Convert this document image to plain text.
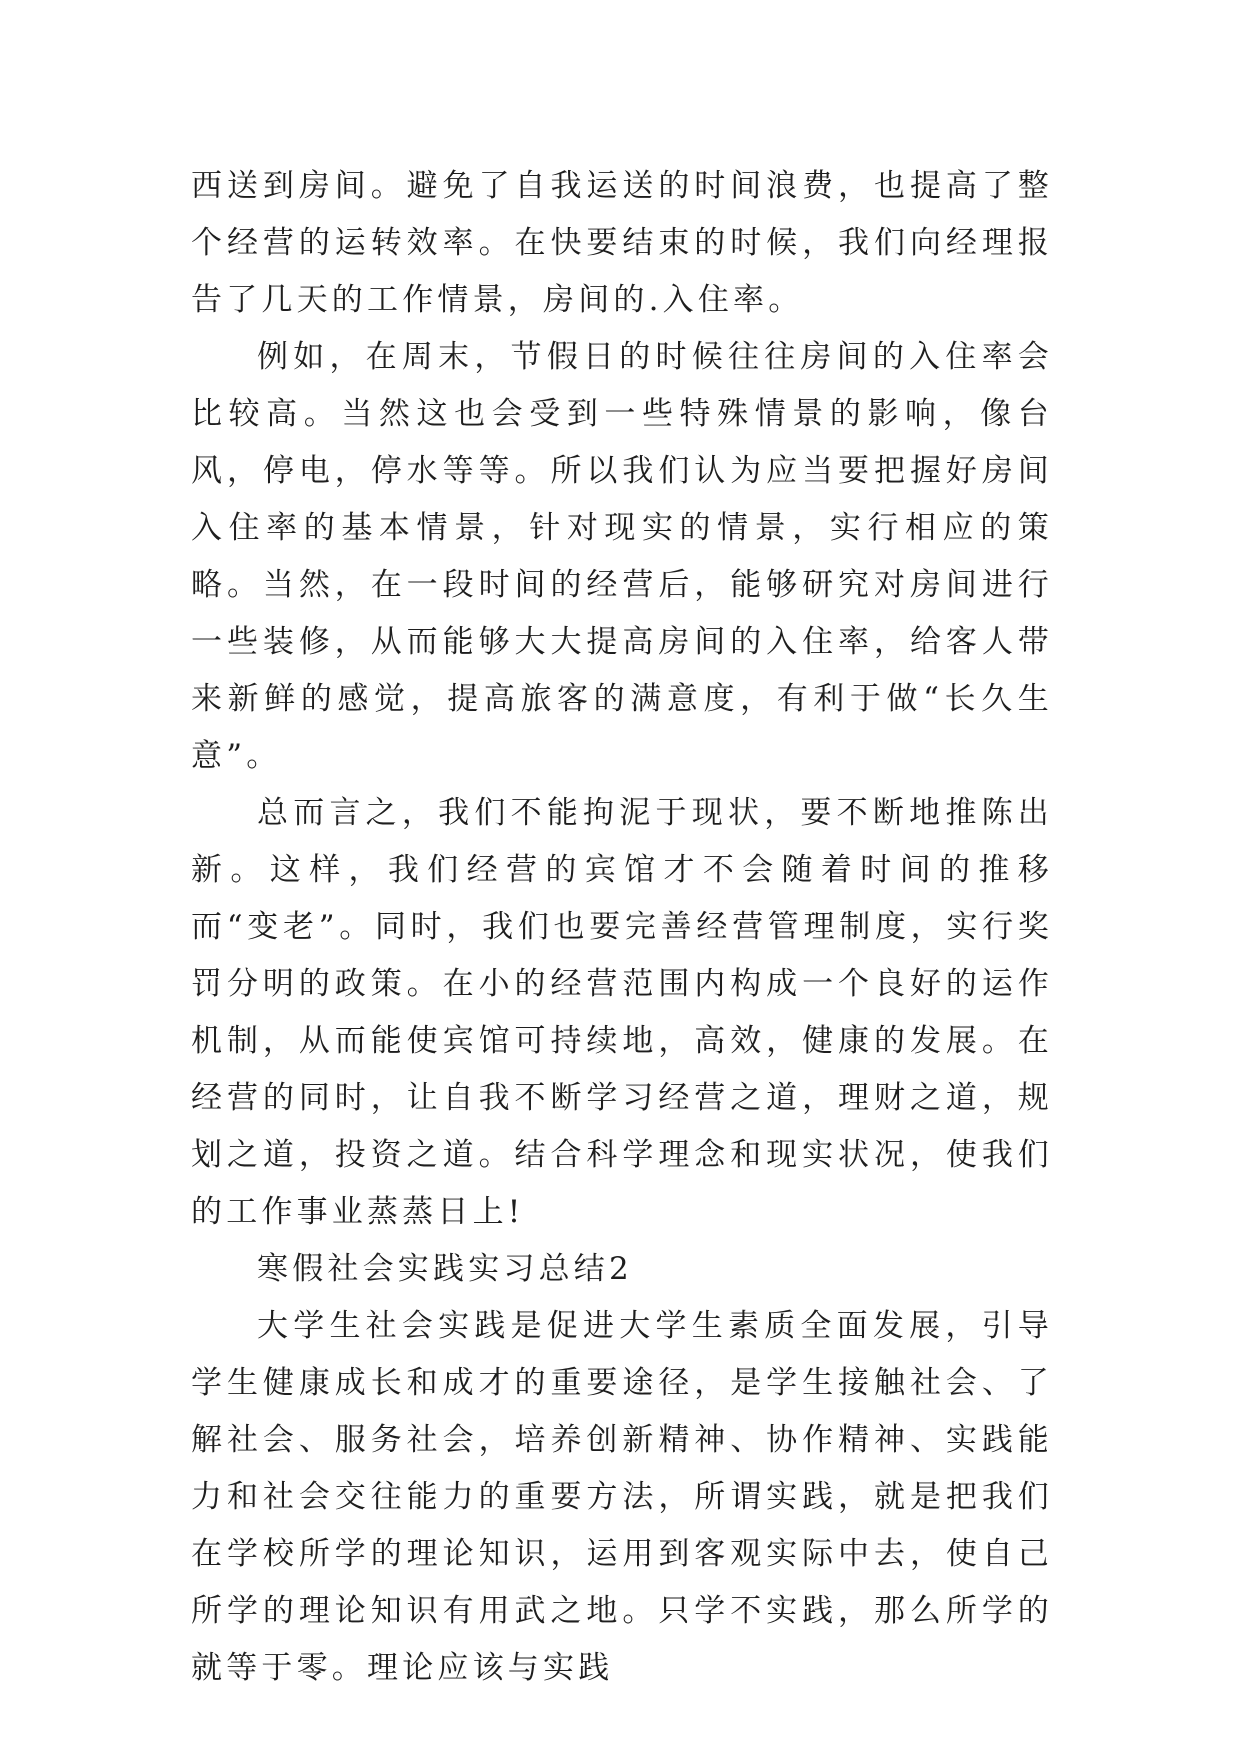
西送到房间。避免了自我运送的时间浪费，也提高了整个经营的运转效率。在快要结束的时候，我们向经理报告了几天的工作情景，房间的.入住率。

例如，在周末，节假日的时候往往房间的入住率会比较高。当然这也会受到一些特殊情景的影响，像台风，停电，停水等等。所以我们认为应当要把握好房间入住率的基本情景，针对现实的情景，实行相应的策略。当然，在一段时间的经营后，能够研究对房间进行一些装修，从而能够大大提高房间的入住率，给客人带来新鲜的感觉，提高旅客的满意度，有利于做“长久生意”。

总而言之，我们不能拘泥于现状，要不断地推陈出新。这样，我们经营的宾馆才不会随着时间的推移而“变老”。同时，我们也要完善经营管理制度，实行奖罚分明的政策。在小的经营范围内构成一个良好的运作机制，从而能使宾馆可持续地，高效，健康的发展。在经营的同时，让自我不断学习经营之道，理财之道，规划之道，投资之道。结合科学理念和现实状况，使我们的工作事业蒸蒸日上!

寒假社会实践实习总结2

大学生社会实践是促进大学生素质全面发展，引导学生健康成长和成才的重要途径，是学生接触社会、了解社会、服务社会，培养创新精神、协作精神、实践能力和社会交往能力的重要方法，所谓实践，就是把我们在学校所学的理论知识，运用到客观实际中去，使自己所学的理论知识有用武之地。只学不实践，那么所学的就等于零。理论应该与实践
